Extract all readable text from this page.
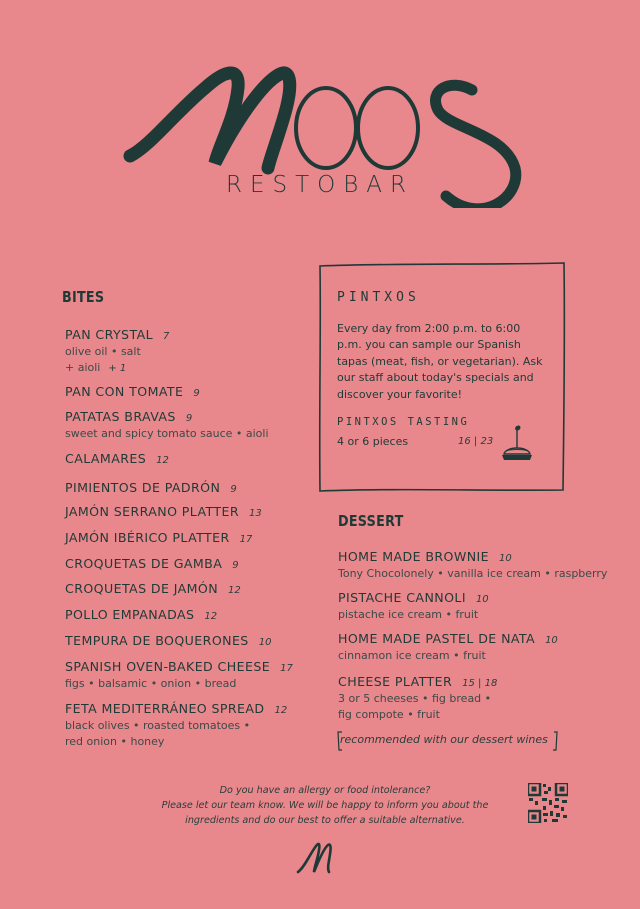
RESTOBAR
BITES
PAN CRYSTAL 7
olive oil • salt
+ aioli + 1
PAN CON TOMATE 9
PATATAS BRAVAS 9
sweet and spicy tomato sauce • aioli
CALAMARES 12
PIMIENTOS DE PADRÓN 9
JAMÓN SERRANO PLATTER 13
JAMÓN IBÉRICO PLATTER 17
CROQUETAS DE GAMBA 9
CROQUETAS DE JAMÓN 12
POLLO EMPANADAS 12
TEMPURA DE BOQUERONES 10
SPANISH OVEN-BAKED CHEESE 17
figs • balsamic • onion • bread
FETA MEDITERRÁNEO SPREAD 12
black olives • roasted tomatoes •
red onion • honey
PINTXOS
Every day from 2:00 p.m. to 6:00 p.m. you can sample our Spanish tapas (meat, fish, or vegetarian). Ask our staff about today's specials and discover your favorite!
PINTXOS TASTING
4 or 6 pieces	16 | 23
DESSERT
HOME MADE BROWNIE 10
Tony Chocolonely • vanilla ice cream • raspberry
PISTACHE CANNOLI 10
pistache ice cream • fruit
HOME MADE PASTEL DE NATA 10
cinnamon ice cream • fruit
CHEESE PLATTER 15 | 18
3 or 5 cheeses • fig bread •
fig compote • fruit
recommended with our dessert wines
Do you have an allergy or food intolerance?
Please let our team know. We will be happy to inform you about the
ingredients and do our best to offer a suitable alternative.
